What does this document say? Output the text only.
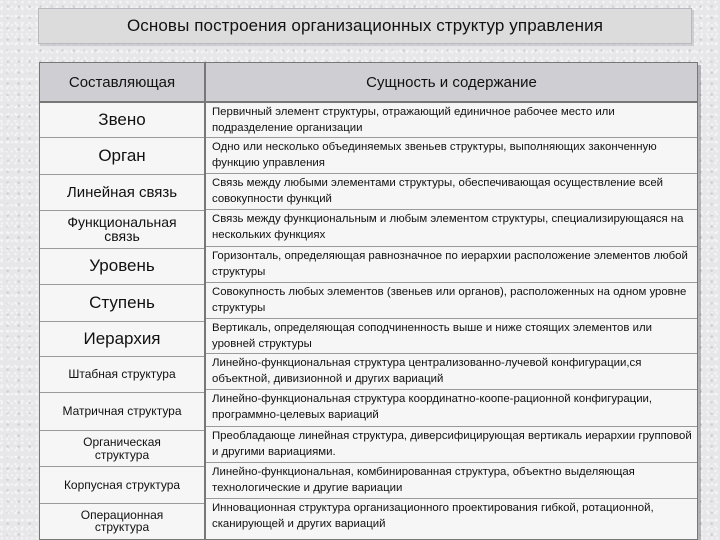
Основы построения организационных структур управления
Составляющая	Сущность и содержание
Звено
Орган
Линейная связь
Функциональная связь
Уровень
Ступень
Иерархия
Штабная структура
Матричная структура
Органическая структура
Корпусная структура
Операционная структура
Первичный элемент структуры, отражающий единичное рабочее место или подразделение организации
Одно или несколько объединяемых звеньев структуры, выполняющих законченную функцию управления
Связь между любыми элементами структуры, обеспечивающая осуществление всей совокупности функций
Связь между функциональным и любым элементом структуры, специализирующаяся на нескольких функциях
Горизонталь, определяющая равнозначное по иерархии расположение элементов любой структуры
Совокупность любых элементов (звеньев или органов), расположенных на одном уровне структуры
Вертикаль, определяющая соподчиненность выше и ниже стоящих элементов или уровней структуры
Линейно-функциональная структура централизованно-лучевой конфигурации,ся объектной, дивизионной и других вариаций
Линейно-функциональная структура координатно-коопе-рационной конфигурации, программно-целевых вариаций
Преобладающе линейная структура, диверсифицирующая вертикаль иерархии групповой и другими вариациями.
Линейно-функциональная, комбинированная структура, объектно выделяющая технологические и другие вариации
Инновационная структура организационного проектирования гибкой, ротационной, сканирующей и других вариаций
